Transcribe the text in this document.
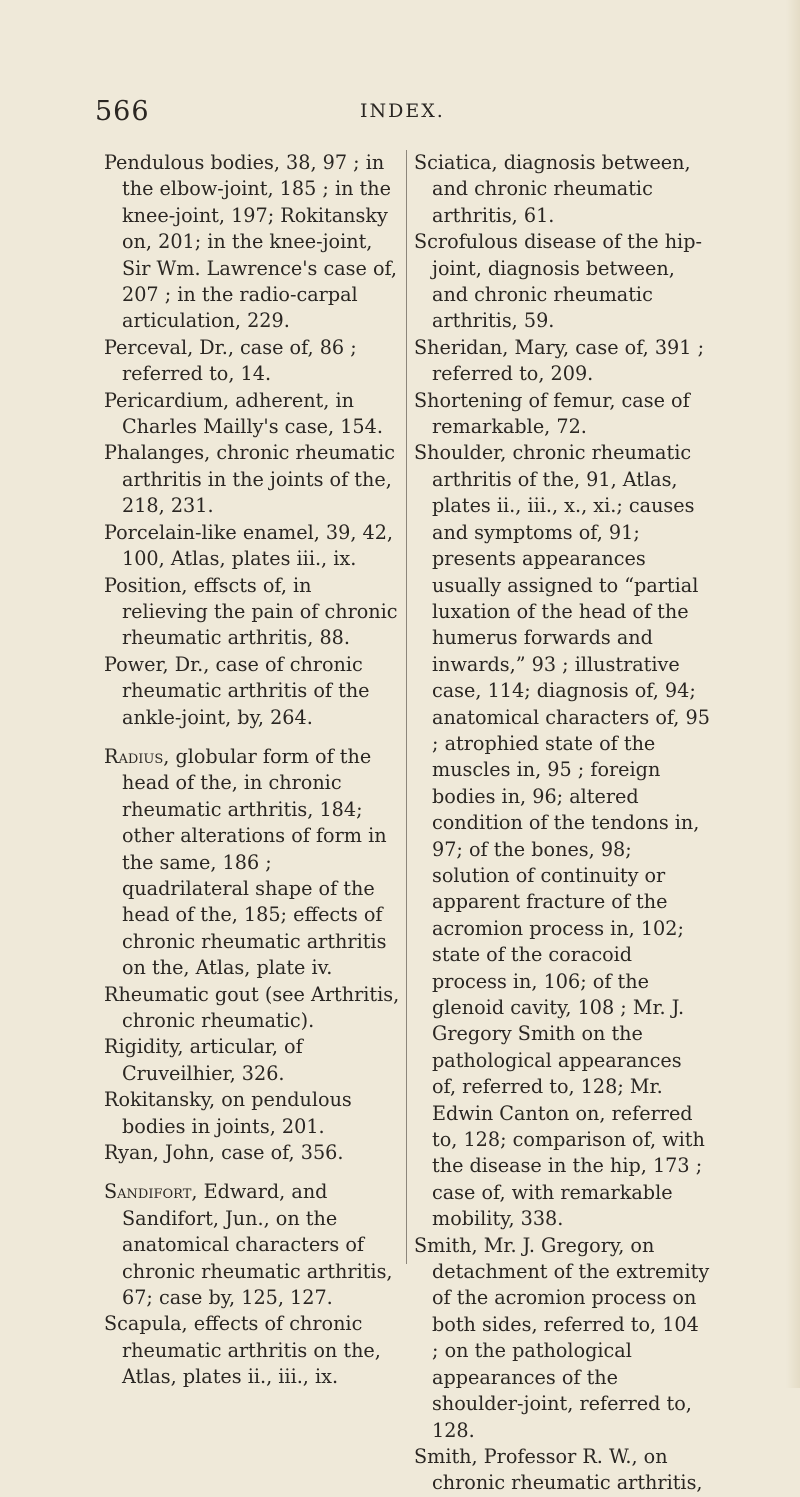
566	INDEX.

Pendulous bodies, 38, 97 ; in the elbow-joint, 185 ; in the knee-joint, 197; Rokitansky on, 201; in the knee-joint, Sir Wm. Lawrence's case of, 207 ; in the radio-carpal articulation, 229.

Perceval, Dr., case of, 86 ; referred to, 14.

Pericardium, adherent, in Charles Mailly's case, 154.

Phalanges, chronic rheumatic arthritis in the joints of the, 218, 231.

Porcelain-like enamel, 39, 42, 100, Atlas, plates iii., ix.

Position, effscts of, in relieving the pain of chronic rheumatic arthritis, 88.

Power, Dr., case of chronic rheumatic arthritis of the ankle-joint, by, 264.

Radius, globular form of the head of the, in chronic rheumatic arthritis, 184; other alterations of form in the same, 186 ; quadrilateral shape of the head of the, 185; effects of chronic rheumatic arthritis on the, Atlas, plate iv.

Rheumatic gout (see Arthritis, chronic rheumatic).

Rigidity, articular, of Cruveilhier, 326.

Rokitansky, on pendulous bodies in joints, 201.

Ryan, John, case of, 356.

Sandifort, Edward, and Sandifort, Jun., on the anatomical characters of chronic rheumatic arthritis, 67; case by, 125, 127.

Scapula, effects of chronic rheumatic arthritis on the, Atlas, plates ii., iii., ix.

Sciatica, diagnosis between, and chronic rheumatic arthritis, 61.

Scrofulous disease of the hip-joint, diagnosis between, and chronic rheumatic arthritis, 59.

Sheridan, Mary, case of, 391 ; referred to, 209.

Shortening of femur, case of remarkable, 72.

Shoulder, chronic rheumatic arthritis of the, 91, Atlas, plates ii., iii., x., xi.; causes and symptoms of, 91; presents appearances usually assigned to “partial luxation of the head of the humerus forwards and inwards,” 93 ; illustrative case, 114; diagnosis of, 94; anatomical characters of, 95 ; atrophied state of the muscles in, 95 ; foreign bodies in, 96; altered condition of the tendons in, 97; of the bones, 98; solution of continuity or apparent fracture of the acromion process in, 102; state of the coracoid process in, 106; of the glenoid cavity, 108 ; Mr. J. Gregory Smith on the pathological appearances of, referred to, 128; Mr. Edwin Canton on, referred to, 128; comparison of, with the disease in the hip, 173 ; case of, with remarkable mobility, 338.

Smith, Mr. J. Gregory, on detachment of the extremity of the acromion process on both sides, referred to, 104 ; on the pathological appearances of the shoulder-joint, referred to, 128.

Smith, Professor R. W., on chronic rheumatic arthritis,
